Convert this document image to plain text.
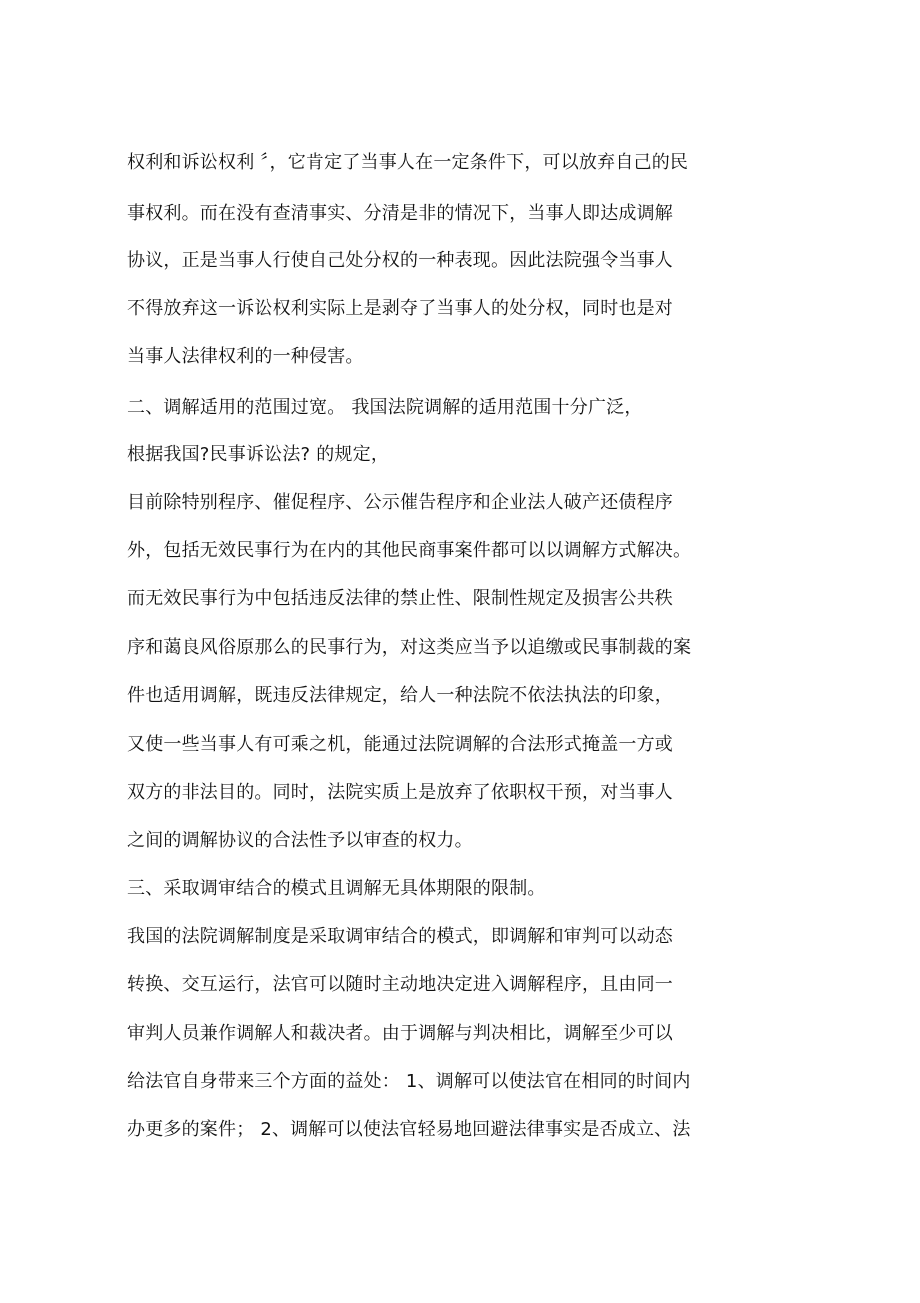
权利和诉讼权利 〞，它肯定了当事人在一定条件下，可以放弃自己的民
事权利。而在没有查清事实、分清是非的情况下，当事人即达成调解
协议，正是当事人行使自己处分权的一种表现。因此法院强令当事人
不得放弃这一诉讼权利实际上是剥夺了当事人的处分权，同时也是对
当事人法律权利的一种侵害。
二、调解适用的范围过宽。 我国法院调解的适用范围十分广泛，
根据我国?民事诉讼法? 的规定，
目前除特别程序、催促程序、公示催告程序和企业法人破产还债程序
外，包括无效民事行为在内的其他民商事案件都可以以调解方式解决。
而无效民事行为中包括违反法律的禁止性、限制性规定及损害公共秩
序和蔼良风俗原那么的民事行为，对这类应当予以追缴或民事制裁的案
件也适用调解，既违反法律规定，给人一种法院不依法执法的印象，
又使一些当事人有可乘之机，能通过法院调解的合法形式掩盖一方或
双方的非法目的。同时，法院实质上是放弃了依职权干预，对当事人
之间的调解协议的合法性予以审查的权力。
三、采取调审结合的模式且调解无具体期限的限制。
我国的法院调解制度是采取调审结合的模式，即调解和审判可以动态
转换、交互运行，法官可以随时主动地决定进入调解程序，且由同一
审判人员兼作调解人和裁决者。由于调解与判决相比，调解至少可以
给法官自身带来三个方面的益处： 1、调解可以使法官在相同的时间内
办更多的案件； 2、调解可以使法官轻易地回避法律事实是否成立、法
